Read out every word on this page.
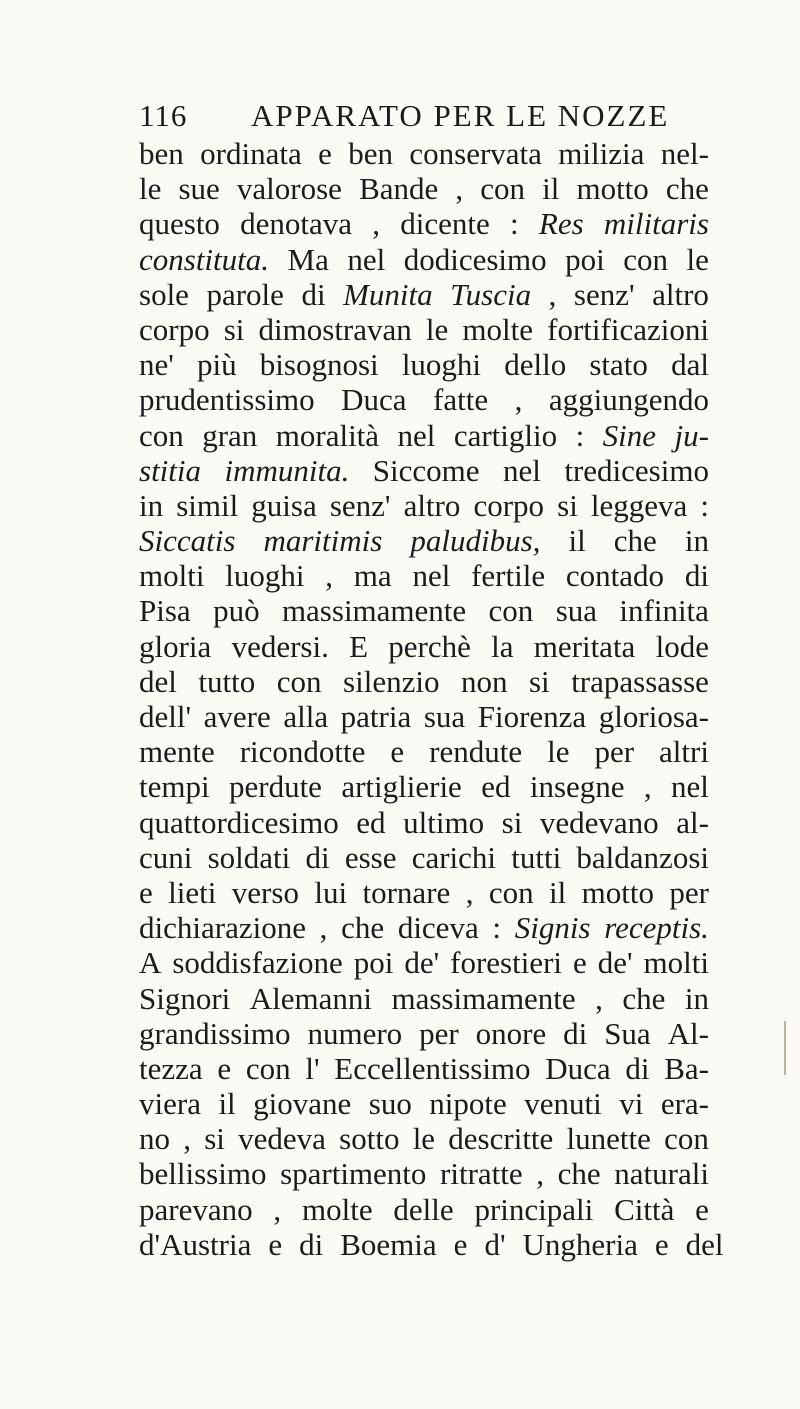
116	APPARATO PER LE NOZZE
ben ordinata e ben conservata milizia nel-
le sue valorose Bande , con il motto che
questo denotava , dicente : Res militaris
constituta. Ma nel dodicesimo poi con le
sole parole di Munita Tuscia , senz' altro
corpo si dimostravan le molte fortificazioni
ne' più bisognosi luoghi dello stato dal
prudentissimo Duca fatte , aggiungendo
con gran moralità nel cartiglio : Sine ju-
stitia immunita. Siccome nel tredicesimo
in simil guisa senz' altro corpo si leggeva :
Siccatis maritimis paludibus, il che in
molti luoghi , ma nel fertile contado di
Pisa può massimamente con sua infinita
gloria vedersi. E perchè la meritata lode
del tutto con silenzio non si trapassasse
dell' avere alla patria sua Fiorenza gloriosa-
mente ricondotte e rendute le per altri
tempi perdute artiglierie ed insegne , nel
quattordicesimo ed ultimo si vedevano al-
cuni soldati di esse carichi tutti baldanzosi
e lieti verso lui tornare , con il motto per
dichiarazione , che diceva : Signis receptis.
A soddisfazione poi de' forestieri e de' molti
Signori Alemanni massimamente , che in
grandissimo numero per onore di Sua Al-
tezza e con l' Eccellentissimo Duca di Ba-
viera il giovane suo nipote venuti vi era-
no , si vedeva sotto le descritte lunette con
bellissimo spartimento ritratte , che naturali
parevano , molte delle principali Città e
d'Austria e di Boemia e d' Ungheria e del
